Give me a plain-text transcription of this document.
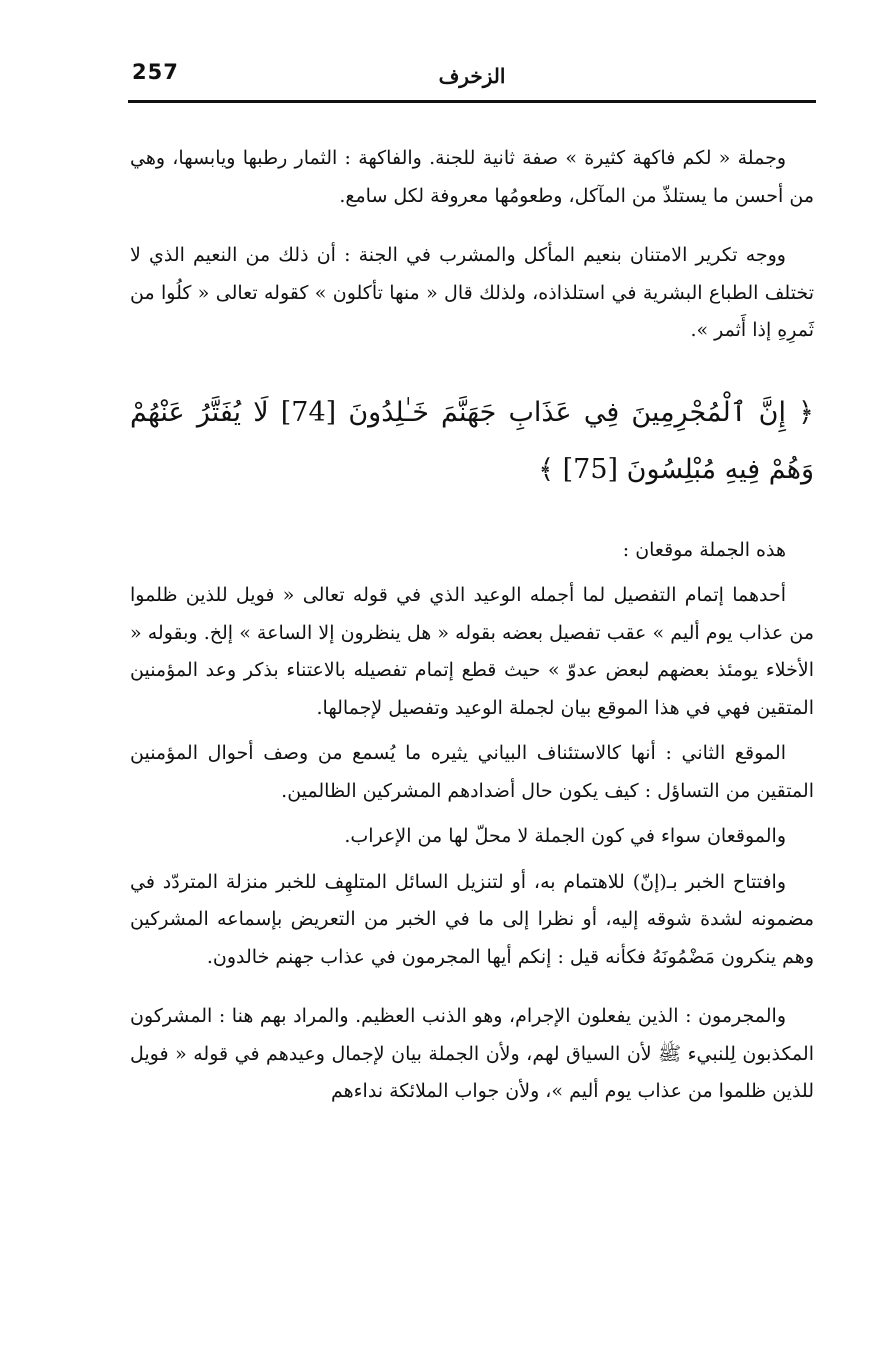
257	الزخرف

وجملة « لكم فاكهة كثيرة » صفة ثانية للجنة. والفاكهة : الثمار رطبها ويابسها، وهي من أحسن ما يستلذّ من المآكل، وطعومُها معروفة لكل سامع.

ووجه تكرير الامتنان بنعيم المأكل والمشرب في الجنة : أن ذلك من النعيم الذي لا تختلف الطباع البشرية في استلذاذه، ولذلك قال « منها تأكلون » كقوله تعالى « كلُوا من ثَمرِهِ إذا أَثمر ».

﴿ إِنَّ ٱلْمُجْرِمِينَ فِي عَذَابِ جَهَنَّمَ خَـٰلِدُونَ [74] لَا يُفَتَّرُ عَنْهُمْ وَهُمْ فِيهِ مُبْلِسُونَ [75] ﴾

هذه الجملة موقعان :

أحدهما إتمام التفصيل لما أجمله الوعيد الذي في قوله تعالى « فويل للذين ظلموا من عذاب يوم أليم » عقب تفصيل بعضه بقوله « هل ينظرون إلا الساعة » إلخ. وبقوله « الأخلاء يومئذ بعضهم لبعض عدوّ » حيث قطع إتمام تفصيله بالاعتناء بذكر وعد المؤمنين المتقين فهي في هذا الموقع بيان لجملة الوعيد وتفصيل لإجمالها.

الموقع الثاني : أنها كالاستئناف البياني يثيره ما يُسمع من وصف أحوال المؤمنين المتقين من التساؤل : كيف يكون حال أضدادهم المشركين الظالمين.

والموقعان سواء في كون الجملة لا محلّ لها من الإعراب.

وافتتاح الخبر بـ(إنّ) للاهتمام به، أو لتنزيل السائل المتلهِف للخبر منزلة المتردّد في مضمونه لشدة شوقه إليه، أو نظرا إلى ما في الخبر من التعريض بإسماعه المشركين وهم ينكرون مَضْمُونَهُ فكأنه قيل : إنكم أيها المجرمون في عذاب جهنم خالدون.

والمجرمون : الذين يفعلون الإجرام، وهو الذنب العظيم. والمراد بهم هنا : المشركون المكذبون لِلنبيء ﷺ لأن السياق لهم، ولأن الجملة بيان لإجمال وعيدهم في قوله « فويل للذين ظلموا من عذاب يوم أليم »، ولأن جواب الملائكة نداءهم
